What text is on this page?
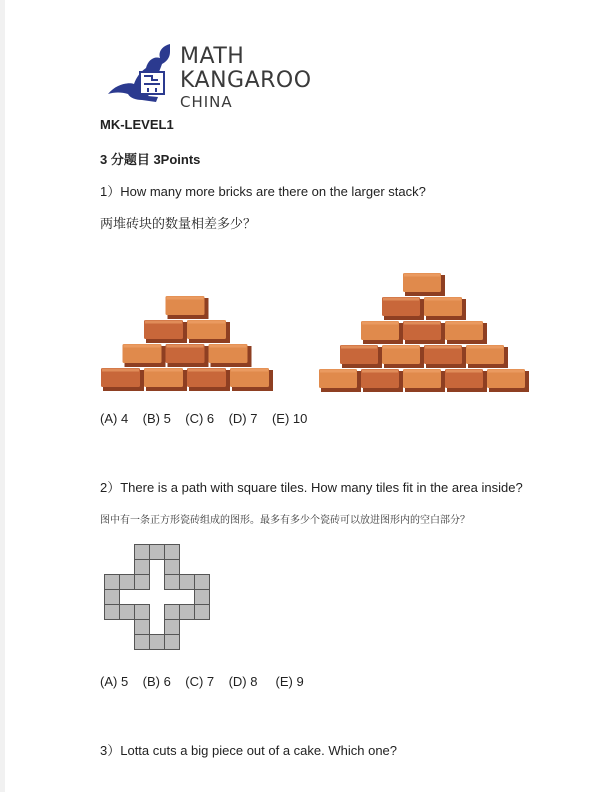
MATH
KANGAROO
CHINA
MK-LEVEL1
3 分题目 3Points
1）How many more bricks are there on the larger stack?
两堆砖块的数量相差多少？
(A) 4 (B) 5 (C) 6 (D) 7 (E) 10
2）There is a path with square tiles. How many tiles fit in the area inside?
图中有一条正方形瓷砖组成的图形。最多有多少个瓷砖可以放进图形内的空白部分？
(A) 5 (B) 6 (C) 7 (D) 8 (E) 9
3）Lotta cuts a big piece out of a cake. Which one?
